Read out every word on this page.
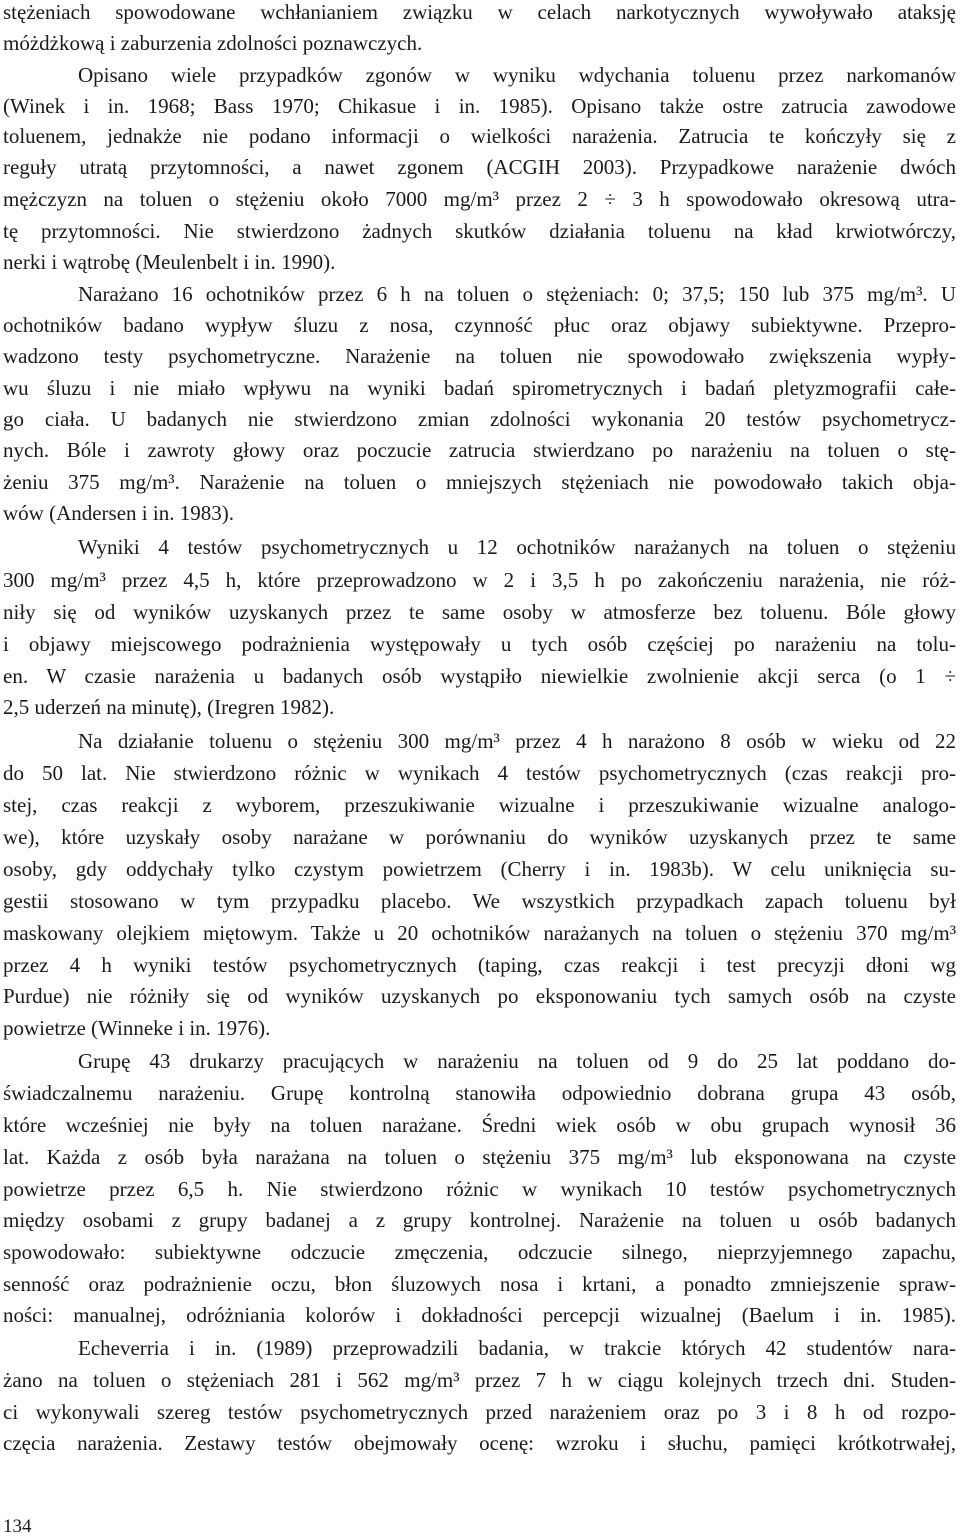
stężeniach spowodowane wchłanianiem związku w celach narkotycznych wywoływało ataksję
móżdżkową i zaburzenia zdolności poznawczych.
Opisano wiele przypadków zgonów w wyniku wdychania toluenu przez narkomanów
(Winek i in. 1968; Bass 1970; Chikasue i in. 1985). Opisano także ostre zatrucia zawodowe
toluenem, jednakże nie podano informacji o wielkości narażenia. Zatrucia te kończyły się z
reguły utratą przytomności, a nawet zgonem (ACGIH 2003). Przypadkowe narażenie dwóch
mężczyzn na toluen o stężeniu około 7000 mg/m³ przez 2 ÷ 3 h spowodowało okresową utra-
tę przytomności. Nie stwierdzono żadnych skutków działania toluenu na kład krwiotwórczy,
nerki i wątrobę (Meulenbelt i in. 1990).
Narażano 16 ochotników przez 6 h na toluen o stężeniach: 0; 37,5; 150 lub 375 mg/m³. U
ochotników badano wypływ śluzu z nosa, czynność płuc oraz objawy subiektywne. Przepro-
wadzono testy psychometryczne. Narażenie na toluen nie spowodowało zwiększenia wypły-
wu śluzu i nie miało wpływu na wyniki badań spirometrycznych i badań pletyzmografii całe-
go ciała. U badanych nie stwierdzono zmian zdolności wykonania 20 testów psychometrycz-
nych. Bóle i zawroty głowy oraz poczucie zatrucia stwierdzano po narażeniu na toluen o stę-
żeniu 375 mg/m³. Narażenie na toluen o mniejszych stężeniach nie powodowało takich obja-
wów (Andersen i in. 1983).
Wyniki 4 testów psychometrycznych u 12 ochotników narażanych na toluen o stężeniu
300 mg/m³ przez 4,5 h, które przeprowadzono w 2 i 3,5 h po zakończeniu narażenia, nie róż-
niły się od wyników uzyskanych przez te same osoby w atmosferze bez toluenu. Bóle głowy
i objawy miejscowego podrażnienia występowały u tych osób częściej po narażeniu na tolu-
en. W czasie narażenia u badanych osób wystąpiło niewielkie zwolnienie akcji serca (o 1 ÷
2,5 uderzeń na minutę), (Iregren 1982).
Na działanie toluenu o stężeniu 300 mg/m³ przez 4 h narażono 8 osób w wieku od 22
do 50 lat. Nie stwierdzono różnic w wynikach 4 testów psychometrycznych (czas reakcji pro-
stej, czas reakcji z wyborem, przeszukiwanie wizualne i przeszukiwanie wizualne analogo-
we), które uzyskały osoby narażane w porównaniu do wyników uzyskanych przez te same
osoby, gdy oddychały tylko czystym powietrzem (Cherry i in. 1983b). W celu uniknięcia su-
gestii stosowano w tym przypadku placebo. We wszystkich przypadkach zapach toluenu był
maskowany olejkiem miętowym. Także u 20 ochotników narażanych na toluen o stężeniu 370 mg/m³
przez 4 h wyniki testów psychometrycznych (taping, czas reakcji i test precyzji dłoni wg
Purdue) nie różniły się od wyników uzyskanych po eksponowaniu tych samych osób na czyste
powietrze (Winneke i in. 1976).
Grupę 43 drukarzy pracujących w narażeniu na toluen od 9 do 25 lat poddano do-
świadczalnemu narażeniu. Grupę kontrolną stanowiła odpowiednio dobrana grupa 43 osób,
które wcześniej nie były na toluen narażane. Średni wiek osób w obu grupach wynosił 36
lat. Każda z osób była narażana na toluen o stężeniu 375 mg/m³ lub eksponowana na czyste
powietrze przez 6,5 h. Nie stwierdzono różnic w wynikach 10 testów psychometrycznych
między osobami z grupy badanej a z grupy kontrolnej. Narażenie na toluen u osób badanych
spowodowało: subiektywne odczucie zmęczenia, odczucie silnego, nieprzyjemnego zapachu,
senność oraz podrażnienie oczu, błon śluzowych nosa i krtani, a ponadto zmniejszenie spraw-
ności: manualnej, odróżniania kolorów i dokładności percepcji wizualnej (Baelum i in. 1985).
Echeverria i in. (1989) przeprowadzili badania, w trakcie których 42 studentów nara-
żano na toluen o stężeniach 281 i 562 mg/m³ przez 7 h w ciągu kolejnych trzech dni. Studen-
ci wykonywali szereg testów psychometrycznych przed narażeniem oraz po 3 i 8 h od rozpo-
częcia narażenia. Zestawy testów obejmowały ocenę: wzroku i słuchu, pamięci krótkotrwałej,
134
